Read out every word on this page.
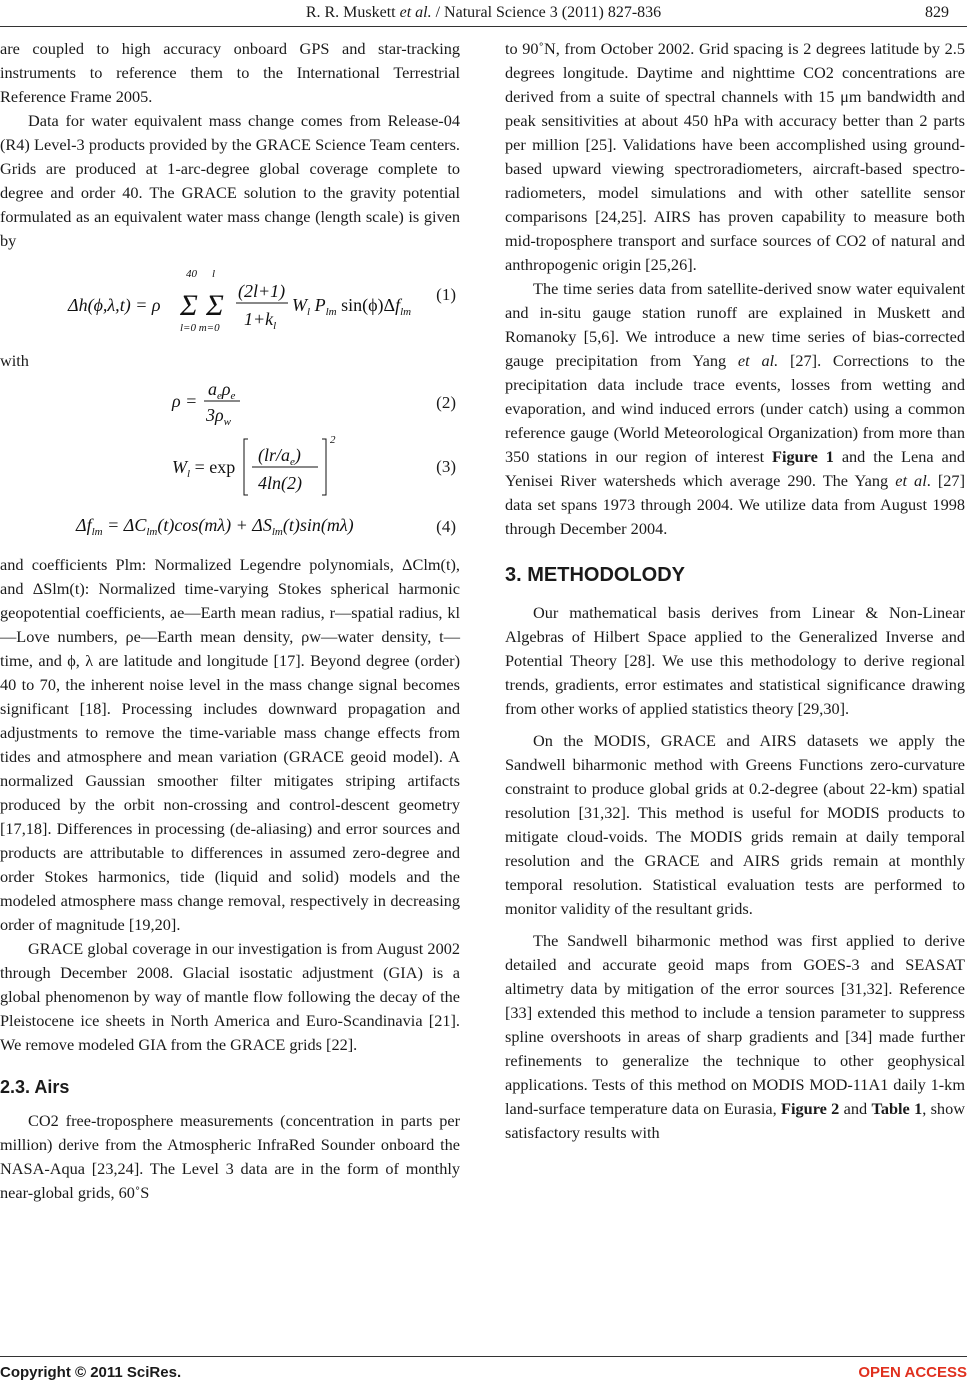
R. R. Muskett et al. / Natural Science 3 (2011) 827-836	829

are coupled to high accuracy onboard GPS and star-tracking instruments to reference them to the International Terrestrial Reference Frame 2005.

Data for water equivalent mass change comes from Release-04 (R4) Level-3 products provided by the GRACE Science Team centers. Grids are produced at 1-arc-degree global coverage complete to degree and order 40. The GRACE solution to the gravity potential formulated as an equivalent water mass change (length scale) is given by

Δh(ϕ,λ,t) = ρ Σ Σ
40 l
l=0 m=0
(2l+1)
$1+k_l$
$W_l$ $P_{lm}$ $\sin(\phi)\Delta f_{lm}$
(1)

with

ρ =
$a_e\rho_e$
$3\rho_w$
(2)
$W_l = \exp$
2
$(lr/a_e)$
4ln(2)
(3)
$\Delta f_{lm} = \Delta C_{lm}(t)\cos(m\lambda) + \Delta S_{lm}(t)\sin(m\lambda)$	(4)

and coefficients Plm: Normalized Legendre polynomials, ΔClm(t), and ΔSlm(t): Normalized time-varying Stokes spherical harmonic geopotential coefficients, ae—Earth mean radius, r—spatial radius, kl—Love numbers, ρe—Earth mean density, ρw—water density, t—time, and ϕ, λ are latitude and longitude [17]. Beyond degree (order) 40 to 70, the inherent noise level in the mass change signal becomes significant [18]. Processing includes downward propagation and adjustments to remove the time-variable mass change effects from tides and atmosphere and mean variation (GRACE geoid model). A normalized Gaussian smoother filter mitigates striping artifacts produced by the orbit non-crossing and control-descent geometry [17,18]. Differences in processing (de-aliasing) and error sources and products are attributable to differences in assumed zero-degree and order Stokes harmonics, tide (liquid and solid) models and the modeled atmosphere mass change removal, respectively in decreasing order of magnitude [19,20].

GRACE global coverage in our investigation is from August 2002 through December 2008. Glacial isostatic adjustment (GIA) is a global phenomenon by way of mantle flow following the decay of the Pleistocene ice sheets in North America and Euro-Scandinavia [21]. We remove modeled GIA from the GRACE grids [22].

2.3. Airs

CO2 free-troposphere measurements (concentration in parts per million) derive from the Atmospheric InfraRed Sounder onboard the NASA-Aqua [23,24]. The Level 3 data are in the form of monthly near-global grids, 60˚S

to 90˚N, from October 2002. Grid spacing is 2 degrees latitude by 2.5 degrees longitude. Daytime and nighttime CO2 concentrations are derived from a suite of spectral channels with 15 μm bandwidth and peak sensitivities at about 450 hPa with accuracy better than 2 parts per million [25]. Validations have been accomplished using ground-based upward viewing spectroradiometers, aircraft-based spectro-radiometers, model simulations and with other satellite sensor comparisons [24,25]. AIRS has proven capability to measure both mid-troposphere transport and surface sources of CO2 of natural and anthropogenic origin [25,26].

The time series data from satellite-derived snow water equivalent and in-situ gauge station runoff are explained in Muskett and Romanoky [5,6]. We introduce a new time series of bias-corrected gauge precipitation from Yang et al. [27]. Corrections to the precipitation data include trace events, losses from wetting and evaporation, and wind induced errors (under catch) using a common reference gauge (World Meteorological Organization) from more than 350 stations in our region of interest Figure 1 and the Lena and Yenisei River watersheds which average 290. The Yang et al. [27] data set spans 1973 through 2004. We utilize data from August 1998 through December 2004.

3. METHODOLODY

Our mathematical basis derives from Linear & Non-Linear Algebras of Hilbert Space applied to the Generalized Inverse and Potential Theory [28]. We use this methodology to derive regional trends, gradients, error estimates and statistical significance drawing from other works of applied statistics theory [29,30].

On the MODIS, GRACE and AIRS datasets we apply the Sandwell biharmonic method with Greens Functions zero-curvature constraint to produce global grids at 0.2-degree (about 22-km) spatial resolution [31,32]. This method is useful for MODIS products to mitigate cloud-voids. The MODIS grids remain at daily temporal resolution and the GRACE and AIRS grids remain at monthly temporal resolution. Statistical evaluation tests are performed to monitor validity of the resultant grids.

The Sandwell biharmonic method was first applied to derive detailed and accurate geoid maps from GOES-3 and SEASAT altimetry data by mitigation of the error sources [31,32]. Reference [33] extended this method to include a tension parameter to suppress spline overshoots in areas of sharp gradients and [34] made further refinements to generalize the technique to other geophysical applications. Tests of this method on MODIS MOD-11A1 daily 1-km land-surface temperature data on Eurasia, Figure 2 and Table 1, show satisfactory results with

Copyright © 2011 SciRes.	OPEN ACCESS
